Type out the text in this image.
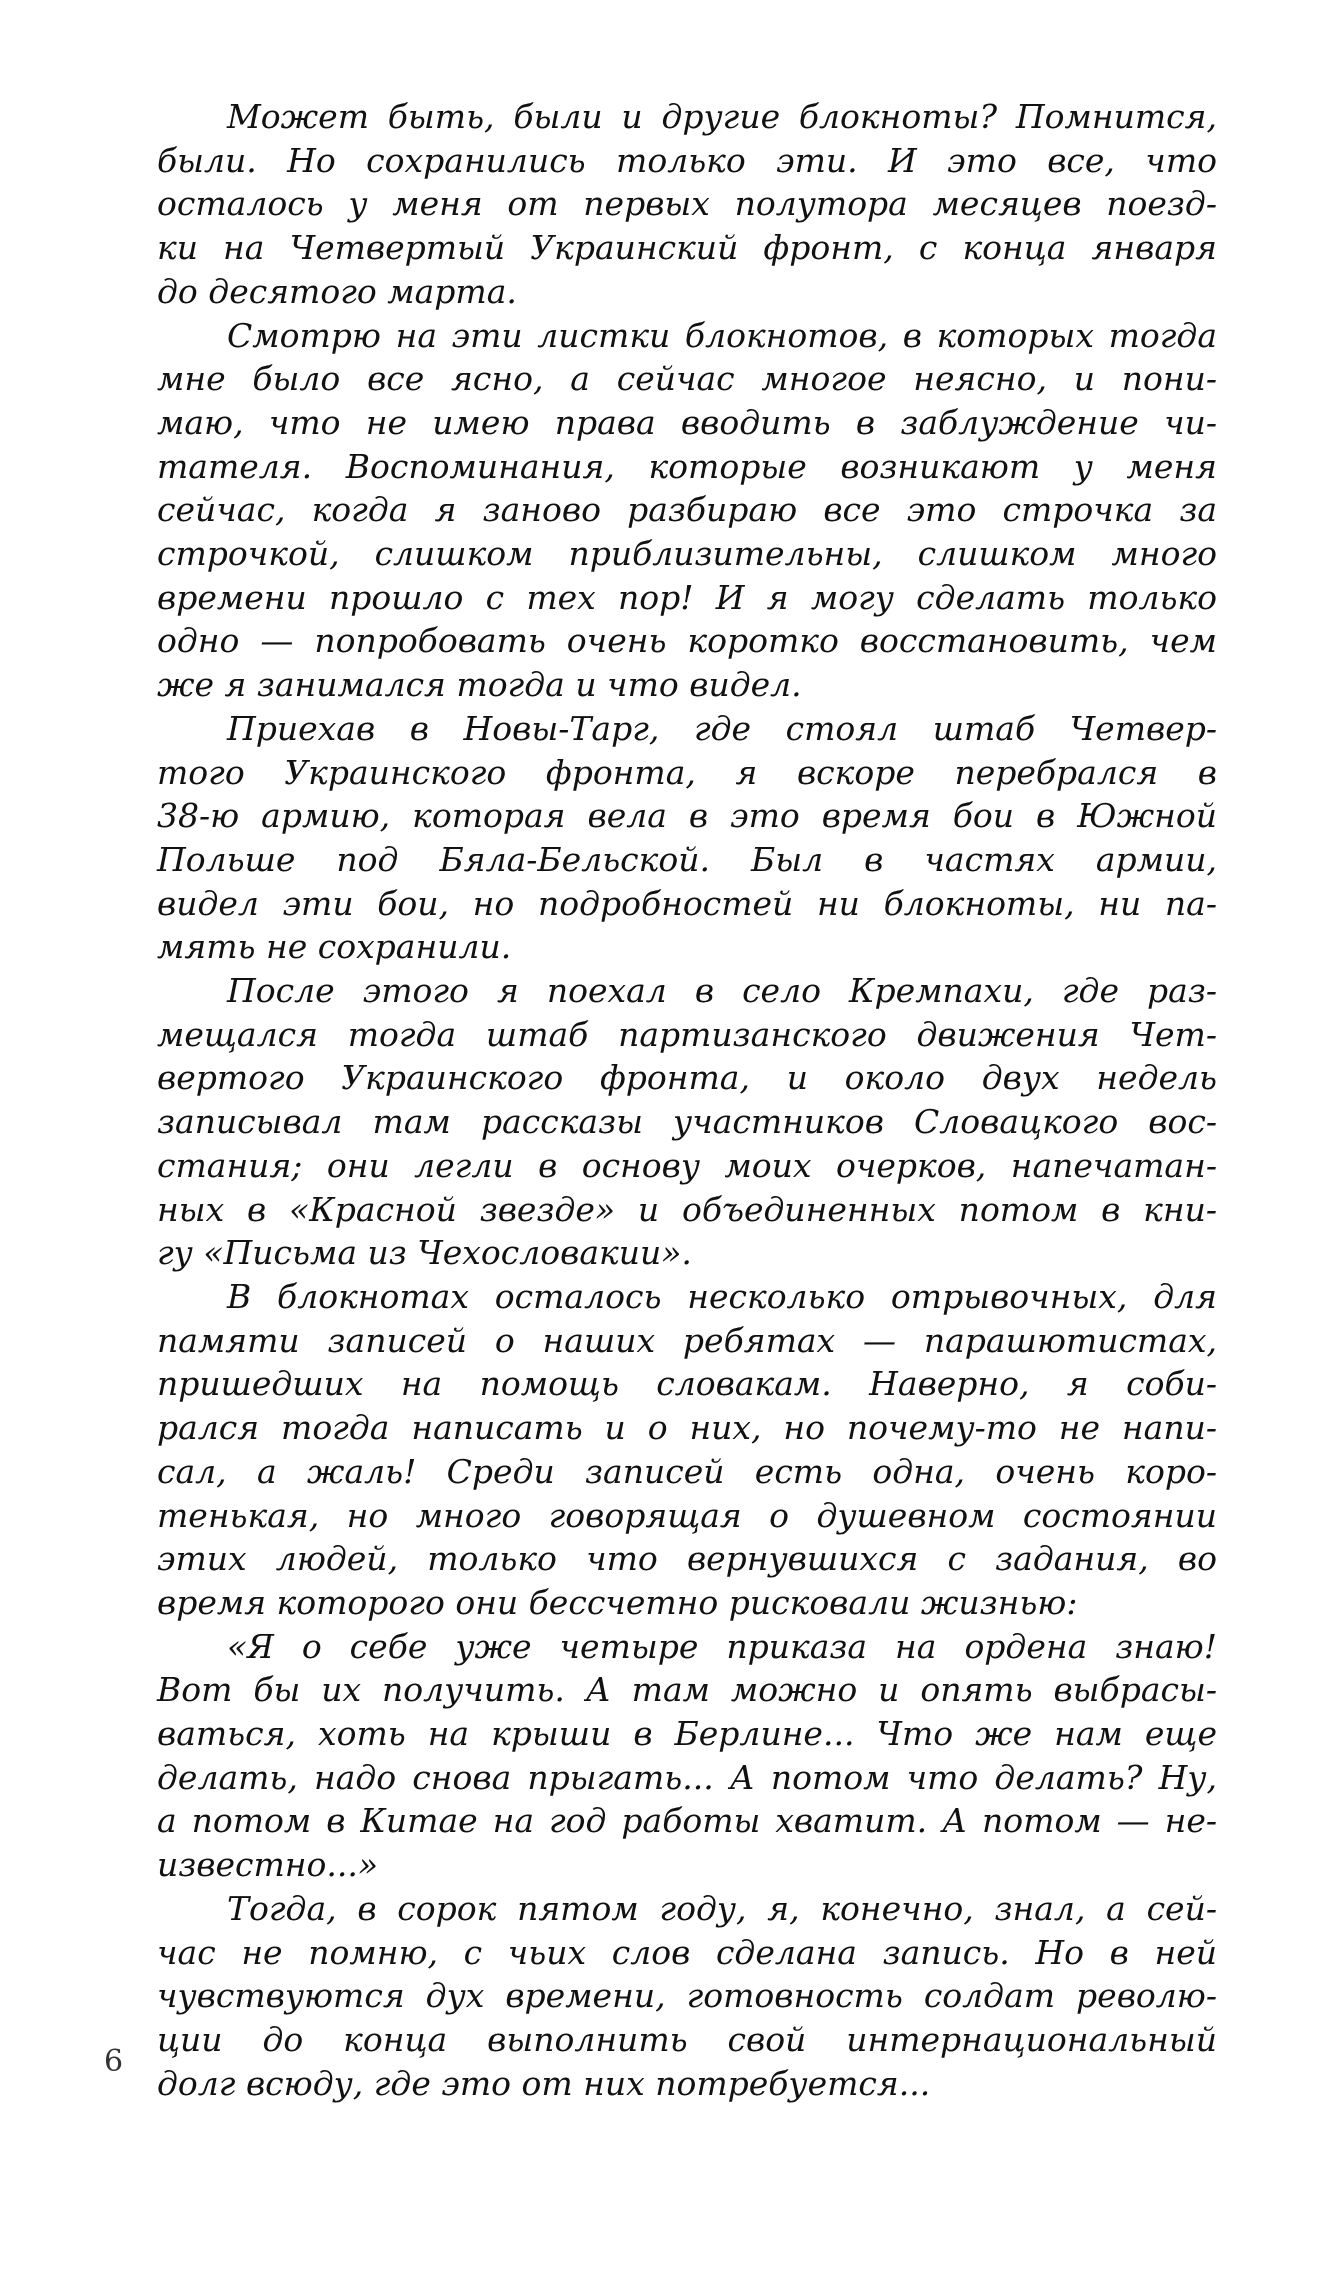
Может быть, были и другие блокноты? Помнится,
были. Но сохранились только эти. И это все, что
осталось у меня от первых полутора месяцев поезд-
ки на Четвертый Украинский фронт, с конца января
до десятого марта.
Смотрю на эти листки блокнотов, в которых тогда
мне было все ясно, а сейчас многое неясно, и пони-
маю, что не имею права вводить в заблуждение чи-
тателя. Воспоминания, которые возникают у меня
сейчас, когда я заново разбираю все это строчка за
строчкой, слишком приблизительны, слишком много
времени прошло с тех пор! И я могу сделать только
одно — попробовать очень коротко восстановить, чем
же я занимался тогда и что видел.
Приехав в Новы-Тарг, где стоял штаб Четвер-
того Украинского фронта, я вскоре перебрался в
38-ю армию, которая вела в это время бои в Южной
Польше под Бяла-Бельской. Был в частях армии,
видел эти бои, но подробностей ни блокноты, ни па-
мять не сохранили.
После этого я поехал в село Кремпахи, где раз-
мещался тогда штаб партизанского движения Чет-
вертого Украинского фронта, и около двух недель
записывал там рассказы участников Словацкого вос-
стания; они легли в основу моих очерков, напечатан-
ных в «Красной звезде» и объединенных потом в кни-
гу «Письма из Чехословакии».
В блокнотах осталось несколько отрывочных, для
памяти записей о наших ребятах — парашютистах,
пришедших на помощь словакам. Наверно, я соби-
рался тогда написать и о них, но почему-то не напи-
сал, а жаль! Среди записей есть одна, очень коро-
тенькая, но много говорящая о душевном состоянии
этих людей, только что вернувшихся с задания, во
время которого они бессчетно рисковали жизнью:
«Я о себе уже четыре приказа на ордена знаю!
Вот бы их получить. А там можно и опять выбрасы-
ваться, хоть на крыши в Берлине... Что же нам еще
делать, надо снова прыгать... А потом что делать? Ну,
а потом в Китае на год работы хватит. А потом — не-
известно...»
Тогда, в сорок пятом году, я, конечно, знал, а сей-
час не помню, с чьих слов сделана запись. Но в ней
чувствуются дух времени, готовность солдат револю-
ции до конца выполнить свой интернациональный
долг всюду, где это от них потребуется...
6
